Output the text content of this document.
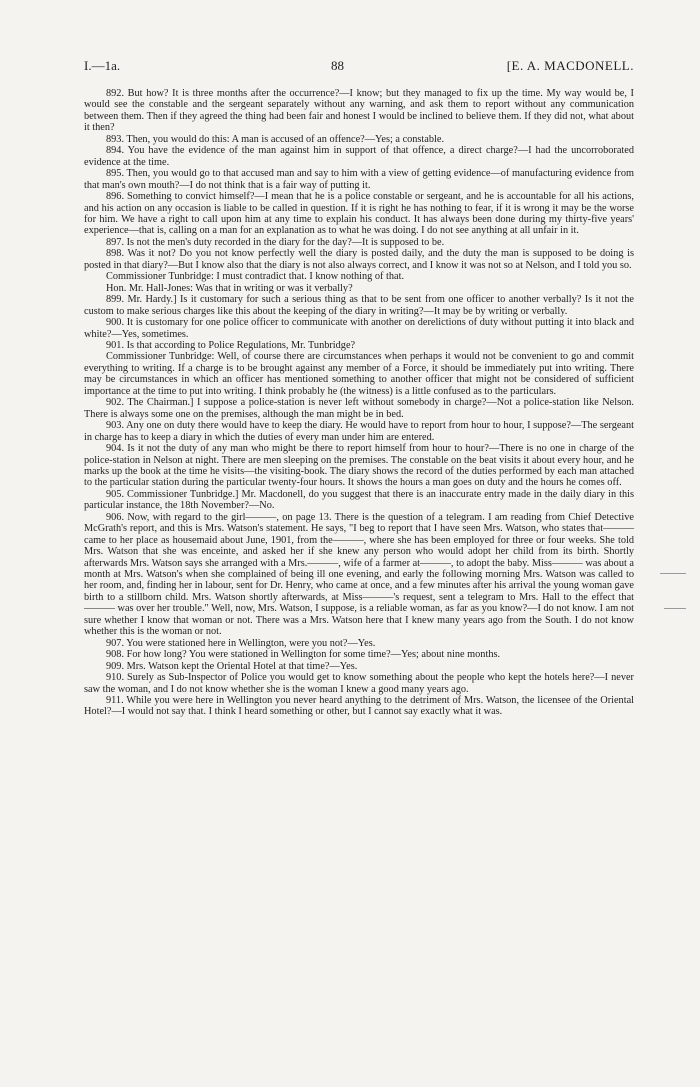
I.—1a.	88	[E. A. MACDONELL.

892. But how? It is three months after the occurrence?—I know; but they managed to fix up the time. My way would be, I would see the constable and the sergeant separately without any warning, and ask them to report without any communication between them. Then if they agreed the thing had been fair and honest I would be inclined to believe them. If they did not, what about it then?

893. Then, you would do this: A man is accused of an offence?—Yes; a constable.

894. You have the evidence of the man against him in support of that offence, a direct charge?—I had the uncorroborated evidence at the time.

895. Then, you would go to that accused man and say to him with a view of getting evidence—of manufacturing evidence from that man's own mouth?—I do not think that is a fair way of putting it.

896. Something to convict himself?—I mean that he is a police constable or sergeant, and he is accountable for all his actions, and his action on any occasion is liable to be called in question. If it is right he has nothing to fear, if it is wrong it may be the worse for him. We have a right to call upon him at any time to explain his conduct. It has always been done during my thirty-five years' experience—that is, calling on a man for an explanation as to what he was doing. I do not see anything at all unfair in it.

897. Is not the men's duty recorded in the diary for the day?—It is supposed to be.

898. Was it not? Do you not know perfectly well the diary is posted daily, and the duty the man is supposed to be doing is posted in that diary?—But I know also that the diary is not also always correct, and I know it was not so at Nelson, and I told you so.

Commissioner Tunbridge: I must contradict that. I know nothing of that.

Hon. Mr. Hall-Jones: Was that in writing or was it verbally?

899. Mr. Hardy.] Is it customary for such a serious thing as that to be sent from one officer to another verbally? Is it not the custom to make serious charges like this about the keeping of the diary in writing?—It may be by writing or verbally.

900. It is customary for one police officer to communicate with another on derelictions of duty without putting it into black and white?—Yes, sometimes.

901. Is that according to Police Regulations, Mr. Tunbridge?

Commissioner Tunbridge: Well, of course there are circumstances when perhaps it would not be convenient to go and commit everything to writing. If a charge is to be brought against any member of a Force, it should be immediately put into writing. There may be circumstances in which an officer has mentioned something to another officer that might not be considered of sufficient importance at the time to put into writing. I think probably he (the witness) is a little confused as to the particulars.

902. The Chairman.] I suppose a police-station is never left without somebody in charge?—Not a police-station like Nelson. There is always some one on the premises, although the man might be in bed.

903. Any one on duty there would have to keep the diary. He would have to report from hour to hour, I suppose?—The sergeant in charge has to keep a diary in which the duties of every man under him are entered.

904. Is it not the duty of any man who might be there to report himself from hour to hour?—There is no one in charge of the police-station in Nelson at night. There are men sleeping on the premises. The constable on the beat visits it about every hour, and he marks up the book at the time he visits—the visiting-book. The diary shows the record of the duties performed by each man attached to the particular station during the particular twenty-four hours. It shows the hours a man goes on duty and the hours he comes off.

905. Commissioner Tunbridge.] Mr. Macdonell, do you suggest that there is an inaccurate entry made in the daily diary in this particular instance, the 18th November?—No.

906. Now, with regard to the girl———, on page 13. There is the question of a telegram. I am reading from Chief Detective McGrath's report, and this is Mrs. Watson's statement. He says, "I beg to report that I have seen Mrs. Watson, who states that——— came to her place as housemaid about June, 1901, from the———, where she has been employed for three or four weeks. She told Mrs. Watson that she was enceinte, and asked her if she knew any person who would adopt her child from its birth. Shortly afterwards Mrs. Watson says she arranged with a Mrs.———, wife of a farmer at———, to adopt the baby. Miss——— was about a month at Mrs. Watson's when she complained of being ill one evening, and early the following morning Mrs. Watson was called to her room, and, finding her in labour, sent for Dr. Henry, who came at once, and a few minutes after his arrival the young woman gave birth to a stillborn child. Mrs. Watson shortly afterwards, at Miss———'s request, sent a telegram to Mrs. Hall to the effect that——— was over her trouble." Well, now, Mrs. Watson, I suppose, is a reliable woman, as far as you know?—I do not know. I am not sure whether I know that woman or not. There was a Mrs. Watson here that I knew many years ago from the South. I do not know whether this is the woman or not.

907. You were stationed here in Wellington, were you not?—Yes.

908. For how long? You were stationed in Wellington for some time?—Yes; about nine months.

909. Mrs. Watson kept the Oriental Hotel at that time?—Yes.

910. Surely as Sub-Inspector of Police you would get to know something about the people who kept the hotels here?—I never saw the woman, and I do not know whether she is the woman I knew a good many years ago.

911. While you were here in Wellington you never heard anything to the detriment of Mrs. Watson, the licensee of the Oriental Hotel?—I would not say that. I think I heard something or other, but I cannot say exactly what it was.
